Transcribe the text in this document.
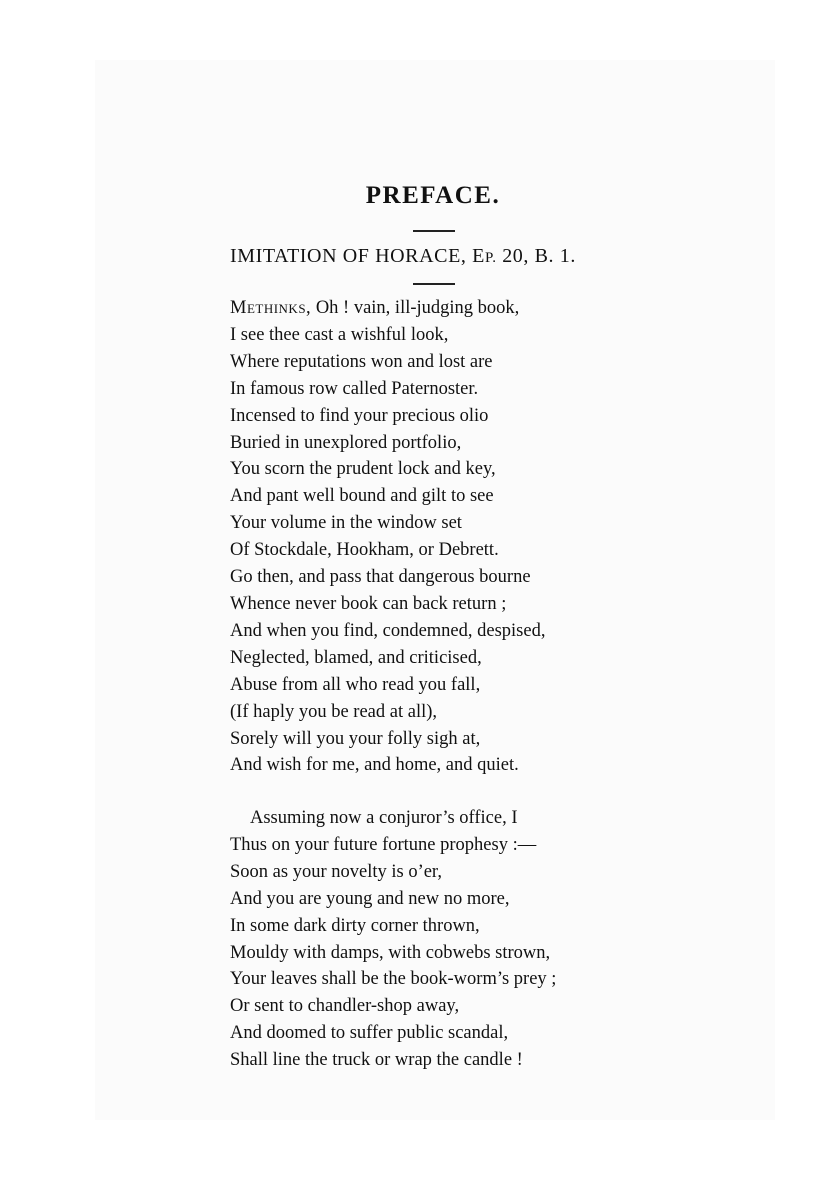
PREFACE.
IMITATION OF HORACE, EP. 20, B. 1.
Methinks, Oh ! vain, ill-judging book,
I see thee cast a wishful look,
Where reputations won and lost are
In famous row called Paternoster.
Incensed to find your precious olio
Buried in unexplored portfolio,
You scorn the prudent lock and key,
And pant well bound and gilt to see
Your volume in the window set
Of Stockdale, Hookham, or Debrett.
Go then, and pass that dangerous bourne
Whence never book can back return ;
And when you find, condemned, despised,
Neglected, blamed, and criticised,
Abuse from all who read you fall,
(If haply you be read at all),
Sorely will you your folly sigh at,
And wish for me, and home, and quiet.
Assuming now a conjuror’s office, I
Thus on your future fortune prophesy :—
Soon as your novelty is o’er,
And you are young and new no more,
In some dark dirty corner thrown,
Mouldy with damps, with cobwebs strown,
Your leaves shall be the book-worm’s prey ;
Or sent to chandler-shop away,
And doomed to suffer public scandal,
Shall line the truck or wrap the candle !
